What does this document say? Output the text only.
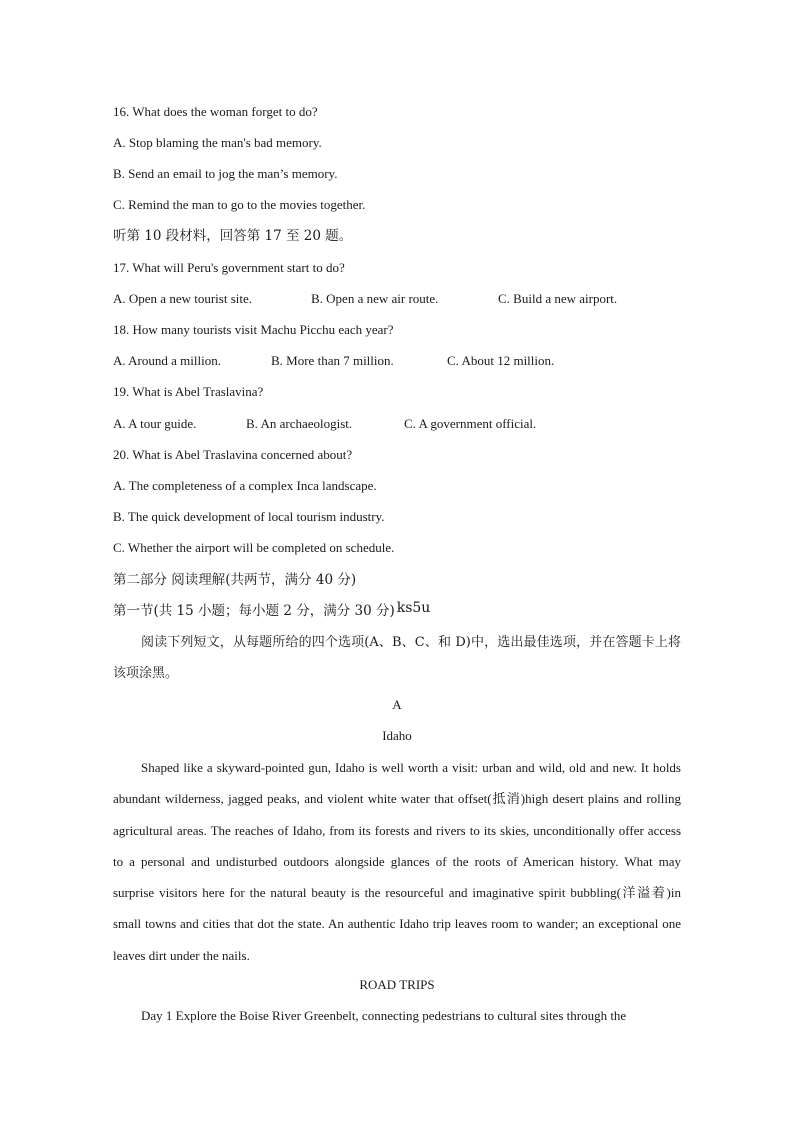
16. What does the woman forget to do?
A. Stop blaming the man's bad memory.
B. Send an email to jog the man’s memory.
C. Remind the man to go to the movies together.
听第 10 段材料，回答第 17 至 20 题。
17. What will Peru's government start to do?
A. Open a new tourist site.	B. Open a new air route.	C. Build a new airport.
18. How many tourists visit Machu Picchu each year?
A. Around a million.	B. More than 7 million.	C. About 12 million.
19. What is Abel Traslavina?
A. A tour guide.	B. An archaeologist.	C. A government official.
20. What is Abel Traslavina concerned about?
A. The completeness of a complex Inca landscape.
B. The quick development of local tourism industry.
C. Whether the airport will be completed on schedule.
第二部分 阅读理解(共两节，满分 40 分)
第一节(共 15 小题；每小题 2 分，满分 30 分) ks5u
阅读下列短文，从每题所给的四个选项(A、B、C、和 D)中，选出最佳选项，并在答题卡上将该项涂黑。
A
Idaho
Shaped like a skyward-pointed gun, Idaho is well worth a visit: urban and wild, old and new. It holds abundant wilderness, jagged peaks, and violent white water that offset(抵消)high desert plains and rolling agricultural areas. The reaches of Idaho, from its forests and rivers to its skies, unconditionally offer access to a personal and undisturbed outdoors alongside glances of the roots of American history. What may surprise visitors here for the natural beauty is the resourceful and imaginative spirit bubbling(洋溢着)in small towns and cities that dot the state. An authentic Idaho trip leaves room to wander; an exceptional one leaves dirt under the nails.
ROAD TRIPS
Day 1 Explore the Boise River Greenbelt, connecting pedestrians to cultural sites through the
